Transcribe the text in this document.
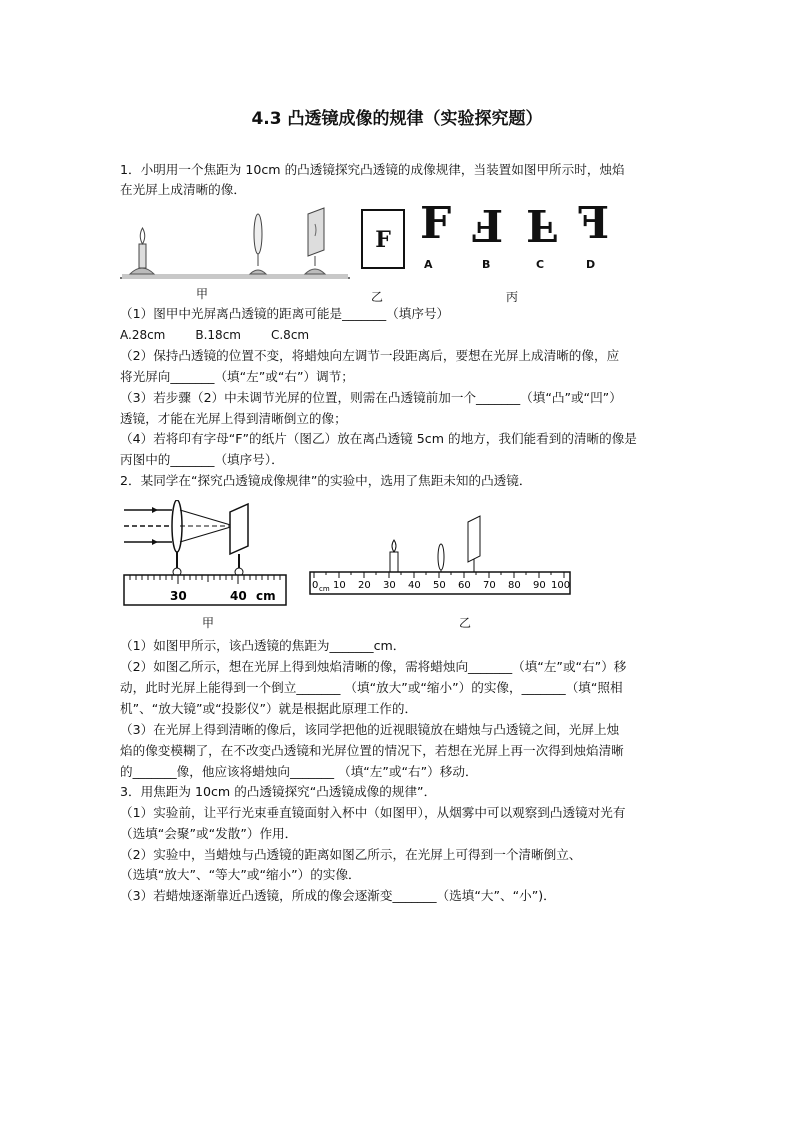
4.3 凸透镜成像的规律（实验探究题）
1．小明用一个焦距为 10cm 的凸透镜探究凸透镜的成像规律，当装置如图甲所示时，烛焰
在光屏上成清晰的像．
甲
F
乙
F F F F
A	B	C	D
丙
（1）图甲中光屏离凸透镜的距离可能是_______（填序号）
A.28cm	B.18cm	C.8cm
（2）保持凸透镜的位置不变，将蜡烛向左调节一段距离后，要想在光屏上成清晰的像，应
将光屏向_______（填“左”或“右”）调节；
（3）若步骤（2）中未调节光屏的位置，则需在凸透镜前加一个_______（填“凸”或“凹”）
透镜，才能在光屏上得到清晰倒立的像；
（4）若将印有字母“F”的纸片（图乙）放在离凸透镜 5cm 的地方，我们能看到的清晰的像是
丙图中的_______（填序号）．
2．某同学在“探究凸透镜成像规律”的实验中，选用了焦距未知的凸透镜．
30	40 cm
甲
0 cm 10 20 30 40 50 60 70 80 90 100
乙
（1）如图甲所示，该凸透镜的焦距为_______cm．
（2）如图乙所示，想在光屏上得到烛焰清晰的像，需将蜡烛向_______（填“左”或“右”）移
动，此时光屏上能得到一个倒立_______ （填“放大”或“缩小”）的实像，_______（填“照相
机”、“放大镜”或“投影仪”）就是根据此原理工作的．
（3）在光屏上得到清晰的像后，该同学把他的近视眼镜放在蜡烛与凸透镜之间，光屏上烛
焰的像变模糊了，在不改变凸透镜和光屏位置的情况下，若想在光屏上再一次得到烛焰清晰
的_______像，他应该将蜡烛向_______ （填“左”或“右”）移动．
3．用焦距为 10cm 的凸透镜探究“凸透镜成像的规律”．
（1）实验前，让平行光束垂直镜面射入杯中（如图甲），从烟雾中可以观察到凸透镜对光有
（选填“会聚”或“发散”）作用．
（2）实验中，当蜡烛与凸透镜的距离如图乙所示，在光屏上可得到一个清晰倒立、
（选填“放大”、“等大”或“缩小”）的实像．
（3）若蜡烛逐渐靠近凸透镜，所成的像会逐渐变_______（选填“大”、“小”)．
